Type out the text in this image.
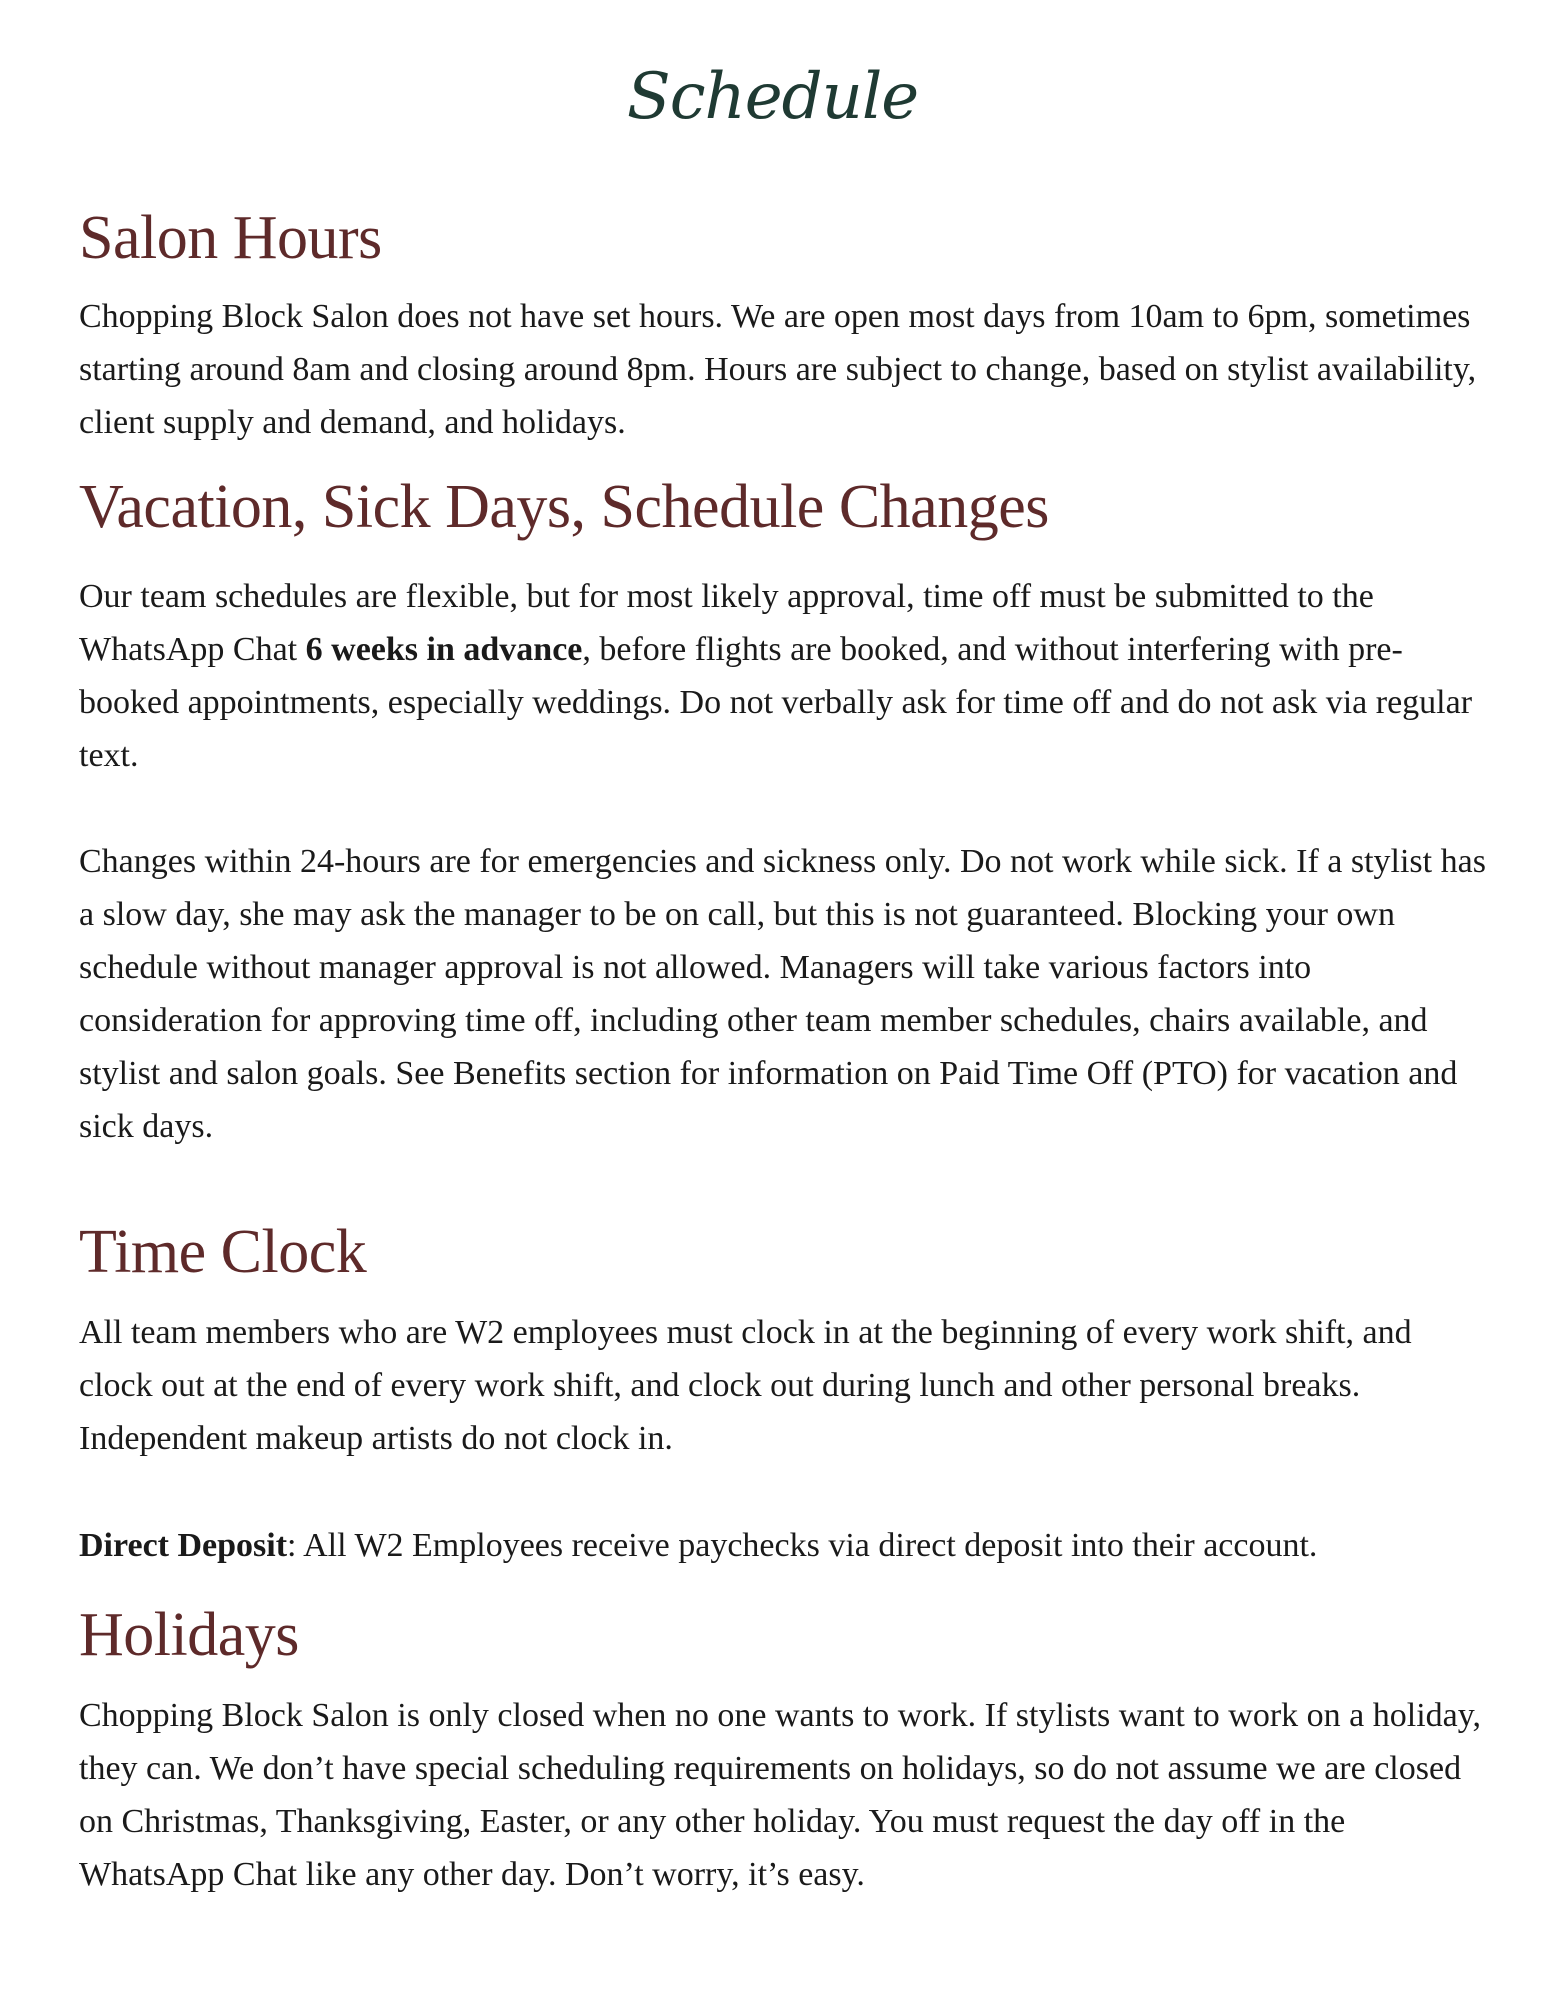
Schedule
Salon Hours

Chopping Block Salon does not have set hours. We are open most days from 10am to 6pm, sometimes starting around 8am and closing around 8pm. Hours are subject to change, based on stylist availability, client supply and demand, and holidays.

Vacation, Sick Days, Schedule Changes

Our team schedules are flexible, but for most likely approval, time off must be submitted to the WhatsApp Chat 6 weeks in advance, before flights are booked, and without interfering with pre-booked appointments, especially weddings. Do not verbally ask for time off and do not ask via regular text.

Changes within 24-hours are for emergencies and sickness only. Do not work while sick. If a stylist has a slow day, she may ask the manager to be on call, but this is not guaranteed. Blocking your own schedule without manager approval is not allowed. Managers will take various factors into consideration for approving time off, including other team member schedules, chairs available, and stylist and salon goals. See Benefits section for information on Paid Time Off (PTO) for vacation and sick days.

Time Clock

All team members who are W2 employees must clock in at the beginning of every work shift, and clock out at the end of every work shift, and clock out during lunch and other personal breaks. Independent makeup artists do not clock in.

Direct Deposit: All W2 Employees receive paychecks via direct deposit into their account.

Holidays

Chopping Block Salon is only closed when no one wants to work. If stylists want to work on a holiday, they can. We don’t have special scheduling requirements on holidays, so do not assume we are closed on Christmas, Thanksgiving, Easter, or any other holiday. You must request the day off in the WhatsApp Chat like any other day. Don’t worry, it’s easy.
